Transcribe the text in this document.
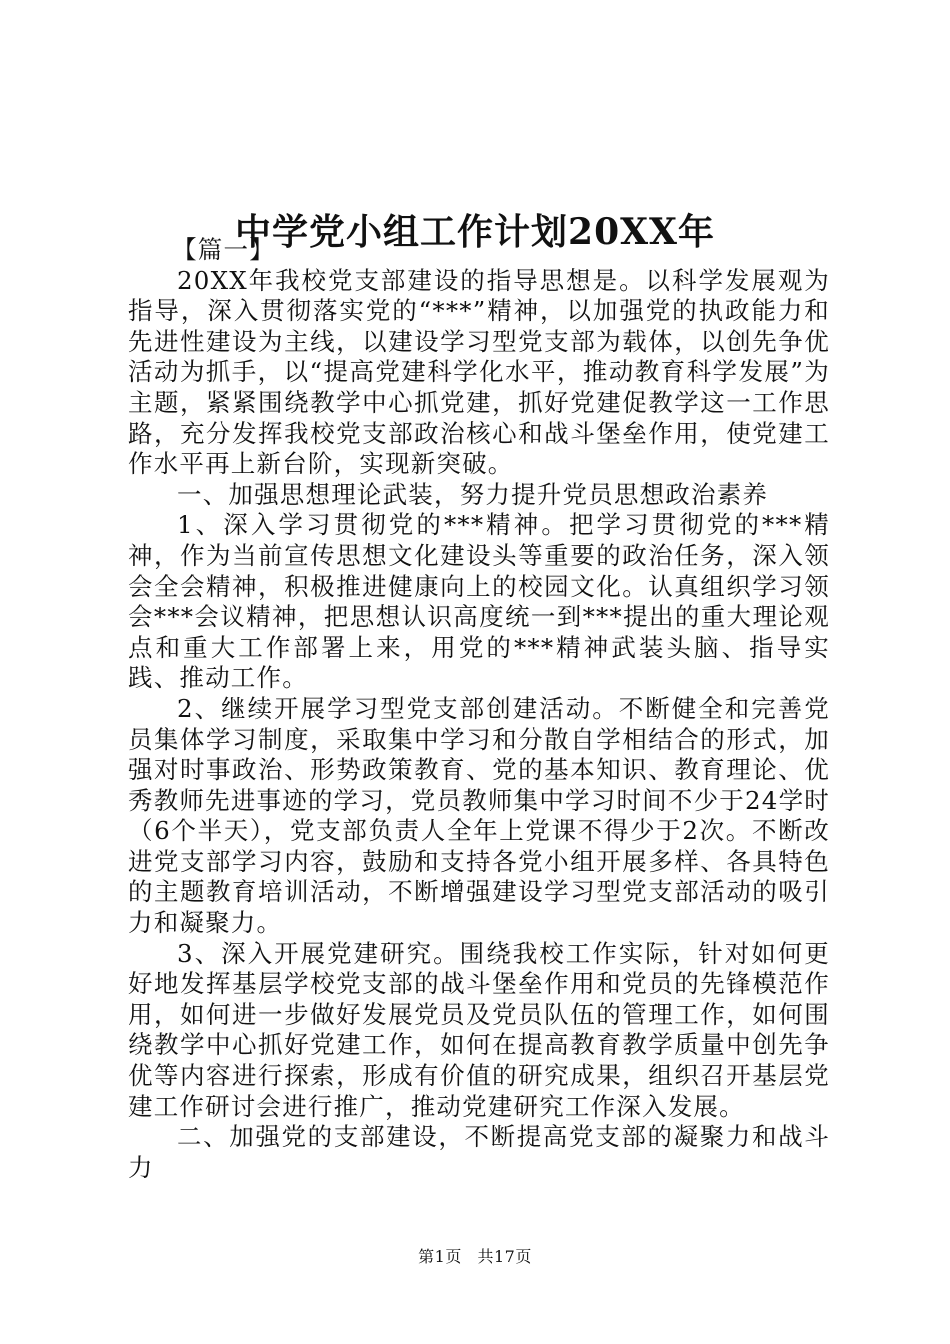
中学党小组工作计划20XX年

【篇一】

20XX年我校党支部建设的指导思想是。以科学发展观为指导，深入贯彻落实党的“***”精神，以加强党的执政能力和先进性建设为主线，以建设学习型党支部为载体，以创先争优活动为抓手，以“提高党建科学化水平，推动教育科学发展”为主题，紧紧围绕教学中心抓党建，抓好党建促教学这一工作思路，充分发挥我校党支部政治核心和战斗堡垒作用，使党建工作水平再上新台阶，实现新突破。

一、加强思想理论武装，努力提升党员思想政治素养

1、深入学习贯彻党的***精神。把学习贯彻党的***精神，作为当前宣传思想文化建设头等重要的政治任务，深入领会全会精神，积极推进健康向上的校园文化。认真组织学习领会***会议精神，把思想认识高度统一到***提出的重大理论观点和重大工作部署上来，用党的***精神武装头脑、指导实践、推动工作。

2、继续开展学习型党支部创建活动。不断健全和完善党员集体学习制度，采取集中学习和分散自学相结合的形式，加强对时事政治、形势政策教育、党的基本知识、教育理论、优秀教师先进事迹的学习，党员教师集中学习时间不少于24学时（6个半天），党支部负责人全年上党课不得少于2次。不断改进党支部学习内容，鼓励和支持各党小组开展多样、各具特色的主题教育培训活动，不断增强建设学习型党支部活动的吸引力和凝聚力。

3、深入开展党建研究。围绕我校工作实际，针对如何更好地发挥基层学校党支部的战斗堡垒作用和党员的先锋模范作用，如何进一步做好发展党员及党员队伍的管理工作，如何围绕教学中心抓好党建工作，如何在提高教育教学质量中创先争优等内容进行探索，形成有价值的研究成果，组织召开基层党建工作研讨会进行推广，推动党建研究工作深入发展。

二、加强党的支部建设，不断提高党支部的凝聚力和战斗力

第1页 共17页
